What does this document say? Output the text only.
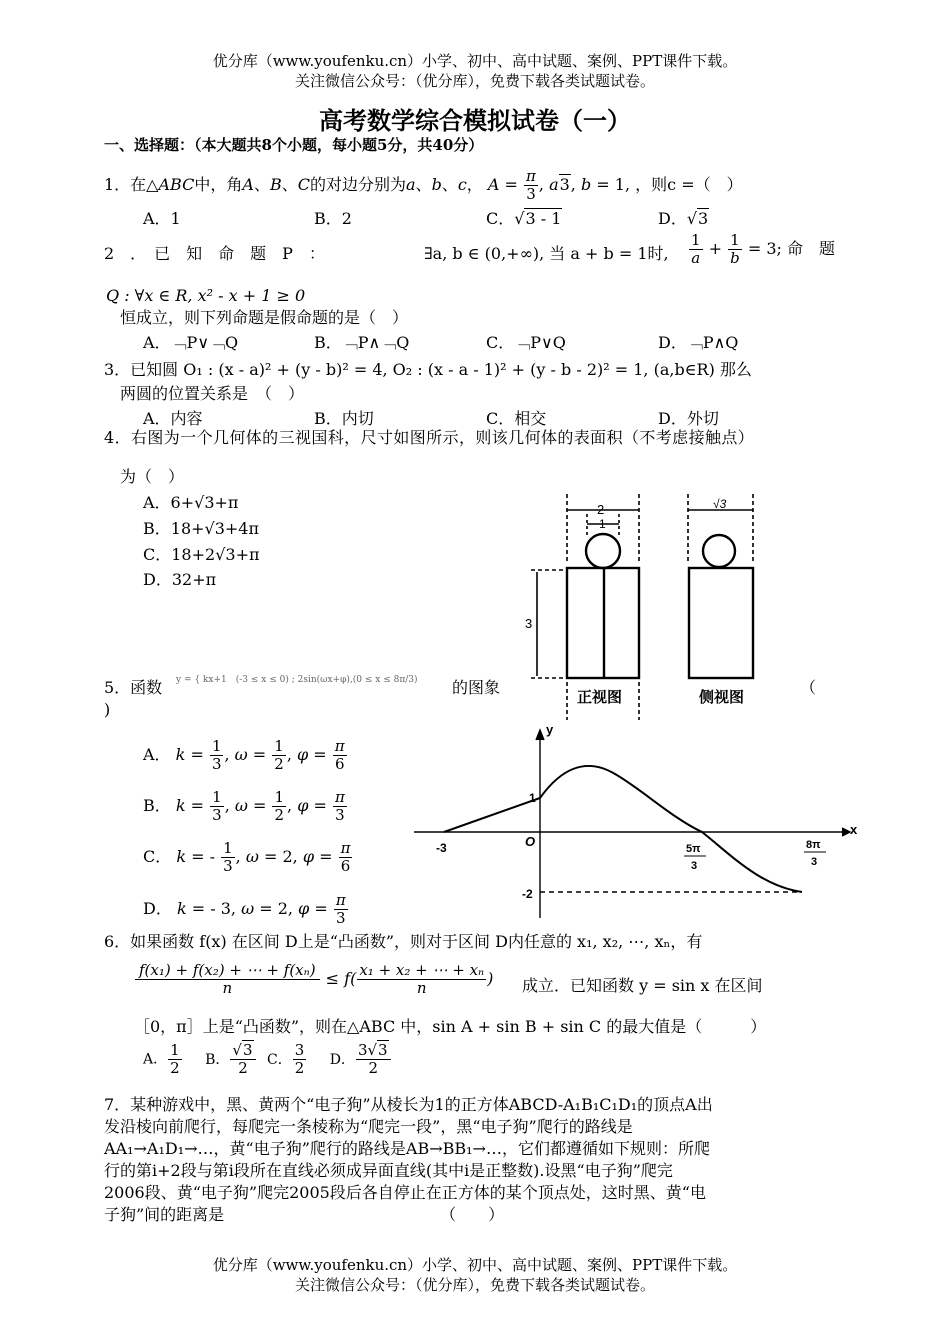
优分库（www.youfenku.cn）小学、初中、高中试题、案例、PPT课件下载。
关注微信公众号：（优分库），免费下载各类试题试卷。
高考数学综合模拟试卷（一）
一、选择题：（本大题共8个小题，每小题5分，共40分）
1．在△ABC中，角A、B、C的对边分别为a、b、c， $A = \frac{\pi}{3}$ , a3, b = 1, ，则c =（　）
A．1	B．2	C．√3 - 1	D．√3
2　．　已　知　命　题　P　：	∃a, b ∈ (0,+∞), 当 a + b = 1时, $\frac{1}{a} + \frac{1}{b} = 3$; 命　题
Q : ∀x ∈ R, x² - x + 1 ≥ 0
恒成立，则下列命题是假命题的是（　）
A．﹁P∨﹁Q	B．﹁P∧﹁Q	C．﹁P∨Q	D．﹁P∧Q
3．已知圆 O₁ : (x - a)² + (y - b)² = 4, O₂ : (x - a - 1)² + (y - b - 2)² = 1, (a,b∈R) 那么
两圆的位置关系是　（　）
A．内容	B．内切	C．相交	D．外切
4．右图为一个几何体的三视国科，尺寸如图所示，则该几何体的表面积（不考虑接触点）
为（　）
A．6+√3+π
B．18+√3+4π
C．18+2√3+π
D．32+π
2
1
3
√3
正视图	侧视图
5．函数 y = { kx+1　(-3 ≤ x ≤ 0) ; 2sin(ωx+φ),(0 ≤ x ≤ 8π/3) 的图象	（
)
A． $k = \frac{1}{3}$ , $\omega = \frac{1}{2}$ , $\varphi = \frac{\pi}{6}$
B． $k = \frac{1}{3}$ , $\omega = \frac{1}{2}$ , $\varphi = \frac{\pi}{3}$
C． k = - $\frac{1}{3}$ , ω = 2, $\varphi = \frac{\pi}{6}$
D． k = - 3, ω = 2, $\varphi = \frac{\pi}{3}$
y
x
O
1
-3
-2
5π
3
8π
3
6．如果函数 f(x) 在区间 D上是“凸函数”，则对于区间 D内任意的 x₁, x₂, ⋯, xₙ，有
$\frac{\text{f(x₁) + f(x₂) + ⋯ + f(xₙ)}}{n} \le f( \frac{\text{x₁ + x₂ + ⋯ + xₙ}}{n}$ ) 成立．已知函数 y = sin x 在区间
［0，π］上是“凸函数”，则在△ABC 中，sin A + sin B + sin C 的最大值是（　　　）
A． $\frac{1}{2}$ B． $\frac{√3}{2}$ C． $\frac{3}{2}$ D． $\frac{3√3}{2}$
7．某种游戏中，黑、黄两个“电子狗”从棱长为1的正方体ABCD-A₁B₁C₁D₁的顶点A出
发沿棱向前爬行，每爬完一条棱称为“爬完一段”，黑“电子狗”爬行的路线是
AA₁→A₁D₁→…，黄“电子狗”爬行的路线是AB→BB₁→…，它们都遵循如下规则：所爬
行的第i+2段与第i段所在直线必须成异面直线(其中i是正整数).设黑“电子狗”爬完
2006段、黄“电子狗”爬完2005段后各自停止在正方体的某个顶点处，这时黑、黄“电
子狗”间的距离是　　　　　　　　　　　　　　（　　）
优分库（www.youfenku.cn）小学、初中、高中试题、案例、PPT课件下载。
关注微信公众号：（优分库），免费下载各类试题试卷。
